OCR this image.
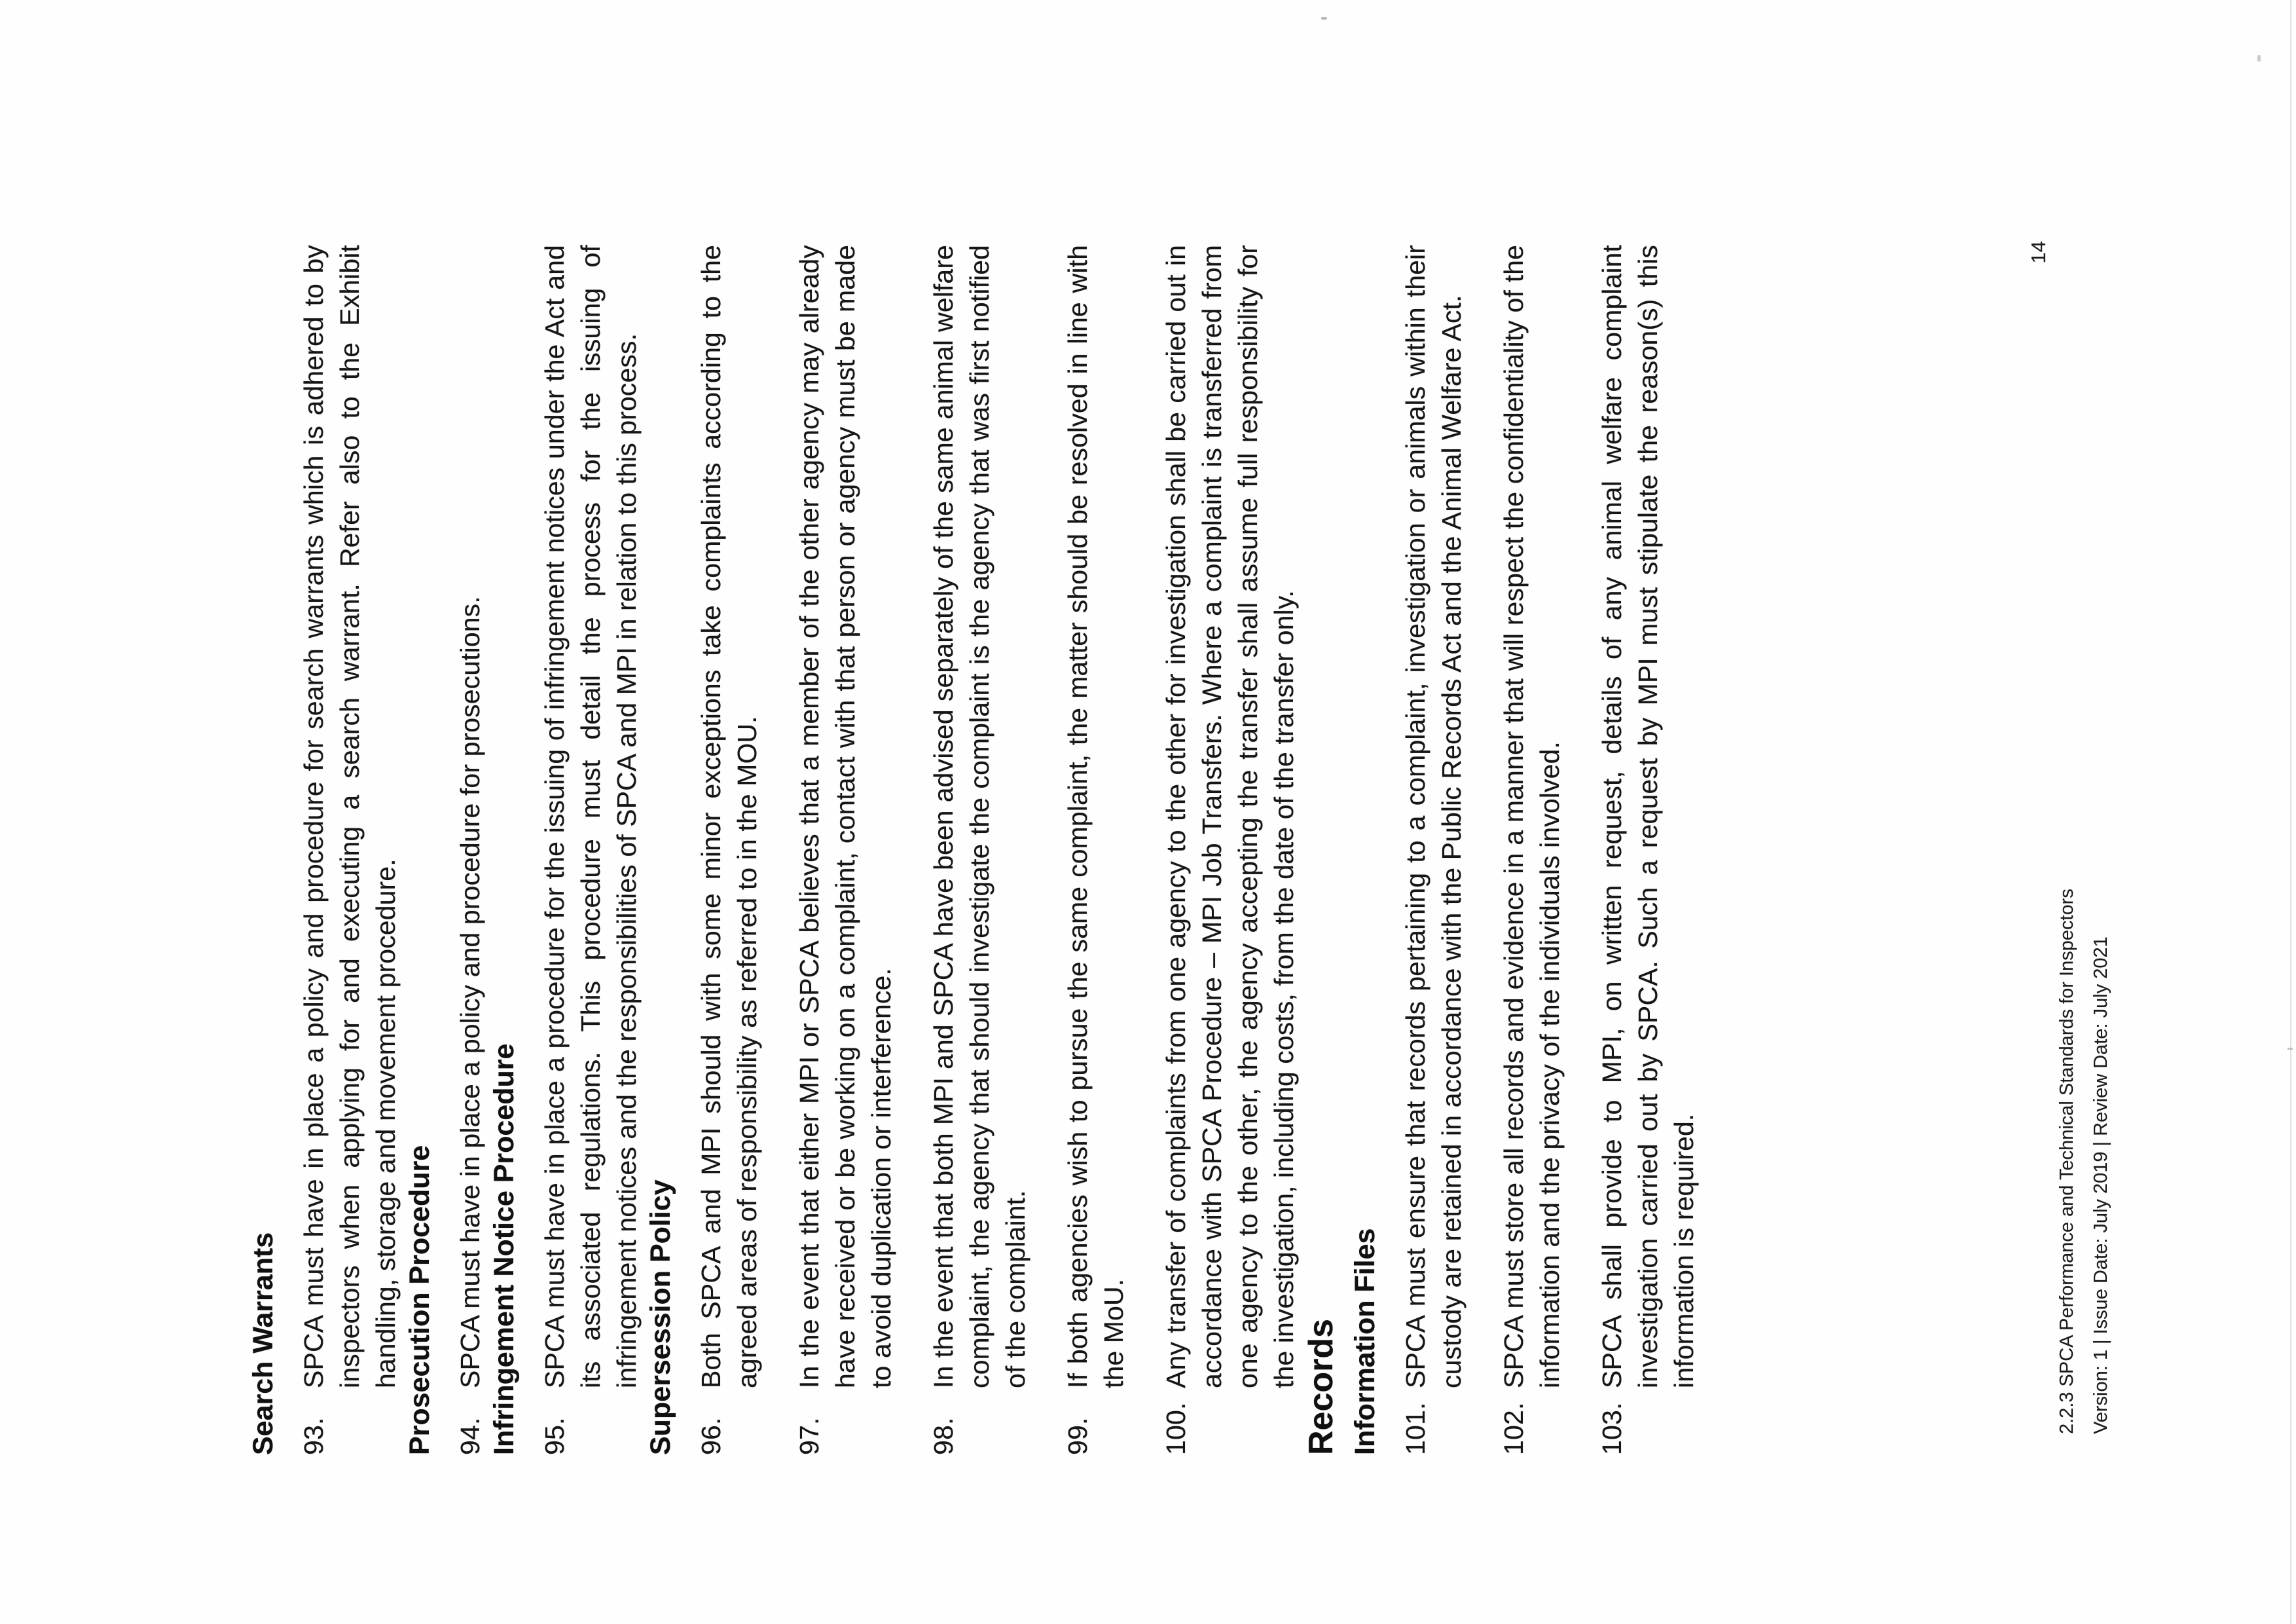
Search Warrants 93.

SPCA must have in place a policy and procedure for search warrants which is adhered to by inspectors when applying for and executing a search warrant. Refer also to the Exhibit handling, storage and movement procedure. Prosecution Procedure 94.

SPCA must have in place a policy and procedure for prosecutions. Infringement Notice Procedure 95.

SPCA must have in place a procedure for the issuing of infringement notices under the Act and its associated regulations. This procedure must detail the process for the issuing of infringement notices and the responsibilities of SPCA and MPI in relation to this process. Supersession Policy 96.

Both SPCA and MPI should with some minor exceptions take complaints according to the agreed areas of responsibility as referred to in the MOU.

97.

In the event that either MPI or SPCA believes that a member of the other agency may already have received or be working on a complaint, contact with that person or agency must be made to avoid duplication or interference.

98.

In the event that both MPI and SPCA have been advised separately of the same animal welfare complaint, the agency that should investigate the complaint is the agency that was first notified of the complaint.

99.

If both agencies wish to pursue the same complaint, the matter should be resolved in line with the MoU.

100.

Any transfer of complaints from one agency to the other for investigation shall be carried out in accordance with SPCA Procedure – MPI Job Transfers. Where a complaint is transferred from one agency to the other, the agency accepting the transfer shall assume full responsibility for the investigation, including costs, from the date of the transfer only. Records Information Files 101.

SPCA must ensure that records pertaining to a complaint, investigation or animals within their custody are retained in accordance with the Public Records Act and the Animal Welfare Act.

102.

SPCA must store all records and evidence in a manner that will respect the confidentiality of the information and the privacy of the individuals involved.

103.

SPCA shall provide to MPI, on written request, details of any animal welfare complaint investigation carried out by SPCA. Such a request by MPI must stipulate the reason(s) this information is required.	2.2.3 SPCA Performance and Technical Standards for Inspectors Version: 1 | Issue Date: July 2019 | Review Date: July 2021
14
